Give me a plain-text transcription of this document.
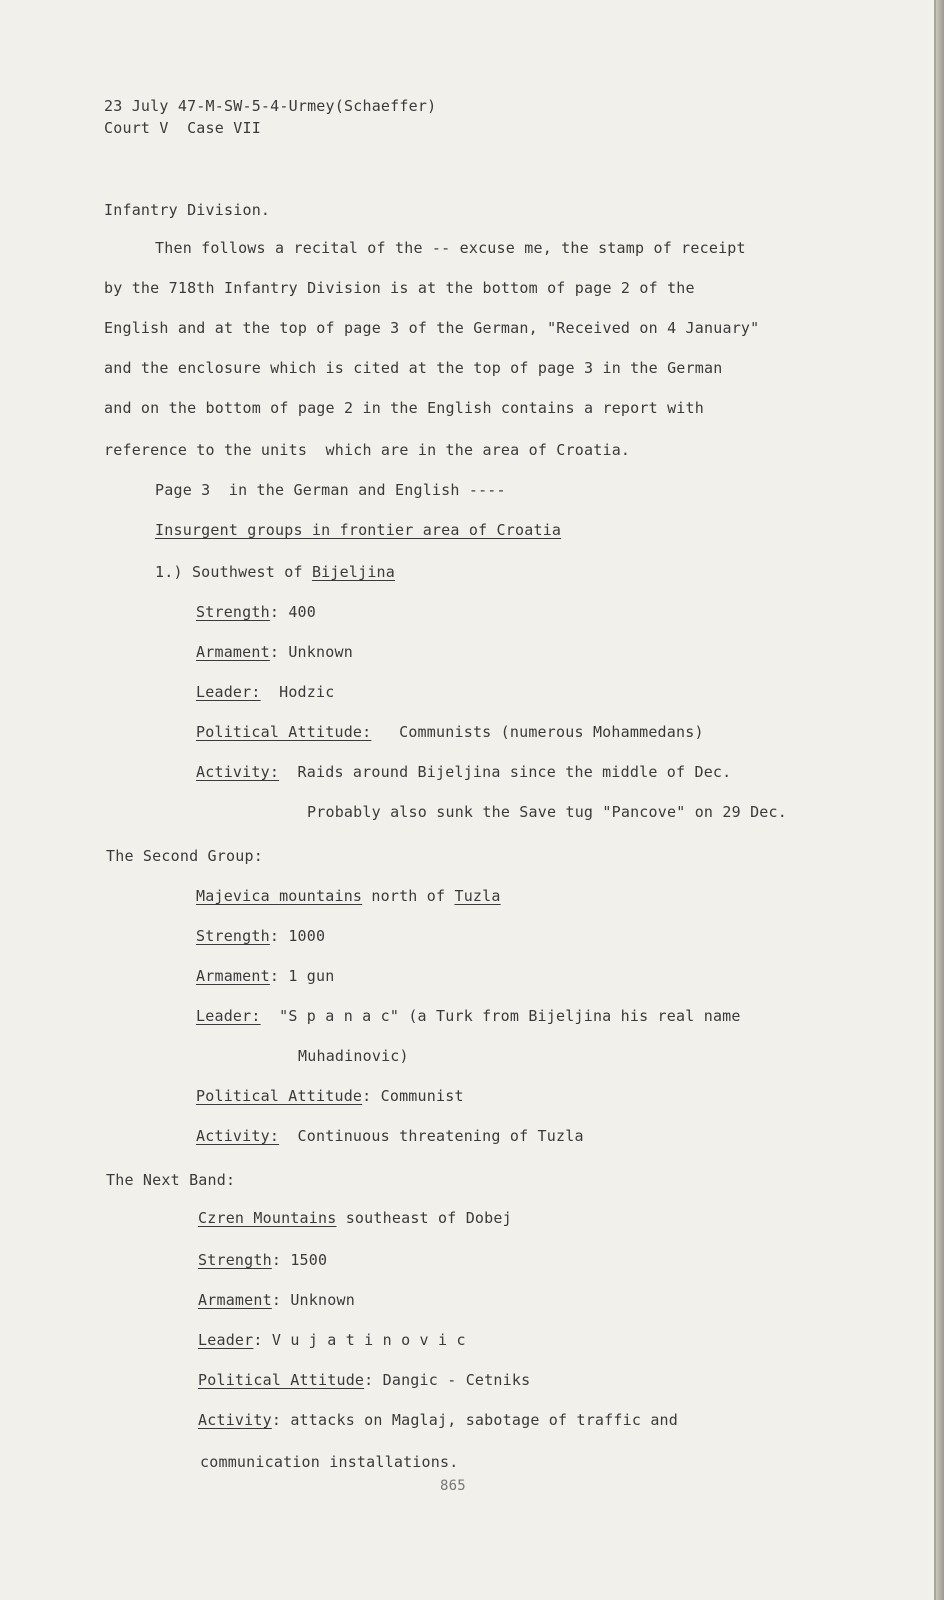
23 July 47-M-SW-5-4-Urmey(Schaeffer)
Court V  Case VII
Infantry Division.
Then follows a recital of the -- excuse me, the stamp of receipt
by the 718th Infantry Division is at the bottom of page 2 of the
English and at the top of page 3 of the German, "Received on 4 January"
and the enclosure which is cited at the top of page 3 in the German
and on the bottom of page 2 in the English contains a report with
reference to the units  which are in the area of Croatia.
Page 3  in the German and English ----
Insurgent groups in frontier area of Croatia
1.) Southwest of Bijeljina
Strength: 400
Armament: Unknown
Leader: Hodzic
Political Attitude: Communists (numerous Mohammedans)
Activity: Raids around Bijeljina since the middle of Dec.
Probably also sunk the Save tug "Pancove" on 29 Dec.
The Second Group:
Majevica mountains north of Tuzla
Strength: 1000
Armament: 1 gun
Leader: "S p a n a c" (a Turk from Bijeljina his real name
Muhadinovic)
Political Attitude: Communist
Activity: Continuous threatening of Tuzla
The Next Band:
Czren Mountains southeast of Dobej
Strength: 1500
Armament: Unknown
Leader: V u j a t i n o v i c
Political Attitude: Dangic - Cetniks
Activity: attacks on Maglaj, sabotage of traffic and
communication installations.
865
